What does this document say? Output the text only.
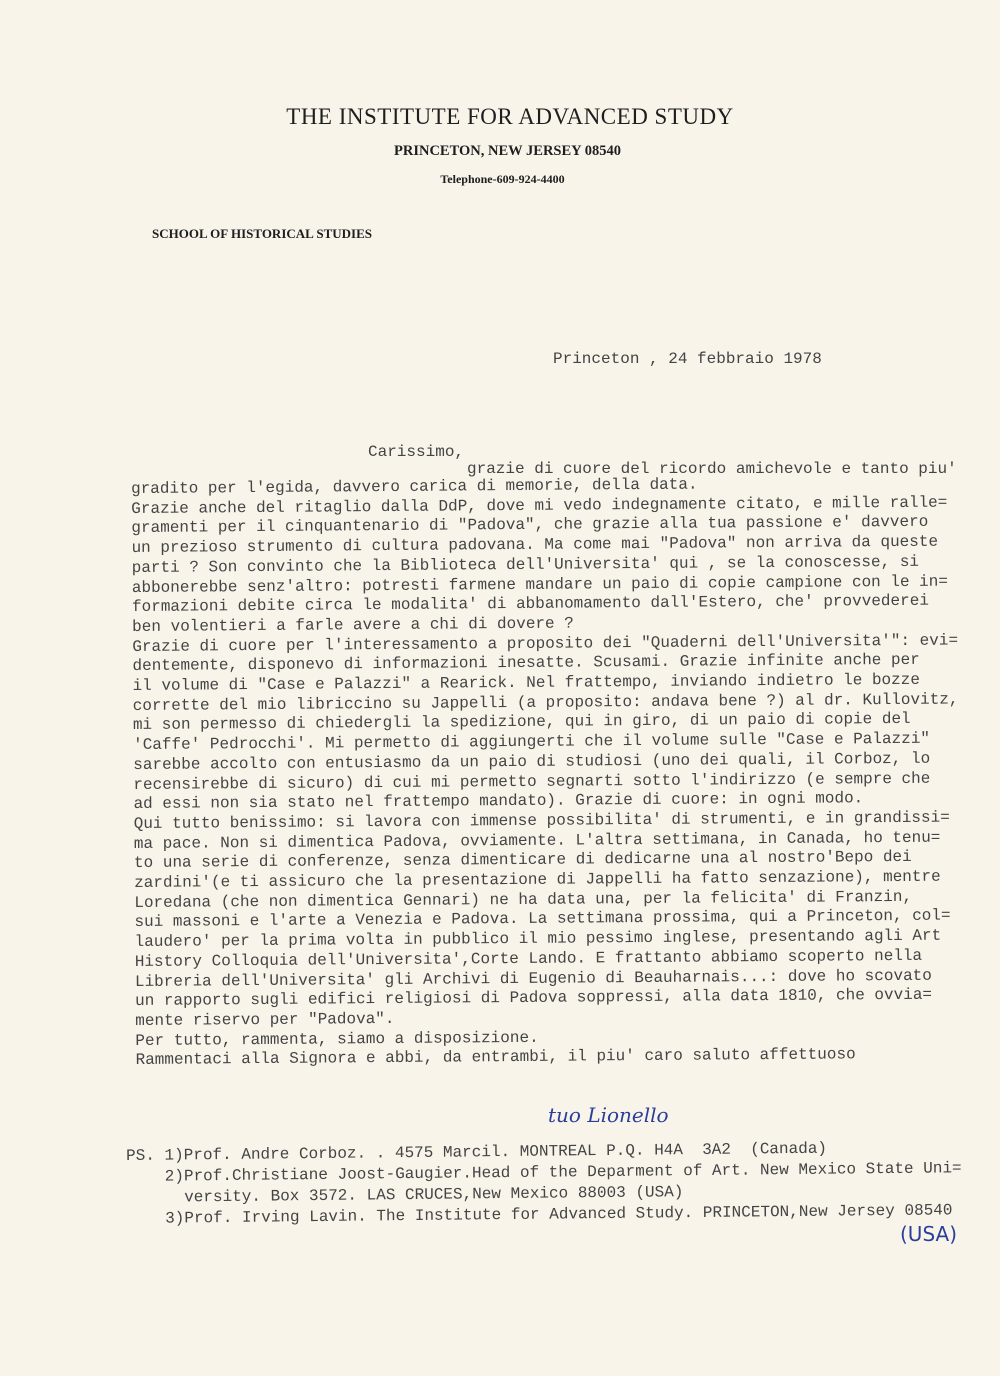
THE INSTITUTE FOR ADVANCED STUDY
PRINCETON, NEW JERSEY 08540
Telephone-609-924-4400
SCHOOL OF HISTORICAL STUDIES
Princeton , 24 febbraio 1978
Carissimo,
grazie di cuore del ricordo amichevole e tanto piu'
gradito per l'egida, davvero carica di memorie, della data.
Grazie anche del ritaglio dalla DdP, dove mi vedo indegnamente citato, e mille ralle=
gramenti per il cinquantenario di "Padova", che grazie alla tua passione e' davvero
un prezioso strumento di cultura padovana. Ma come mai "Padova" non arriva da queste
parti ? Son convinto che la Biblioteca dell'Universita' qui , se la conoscesse, si
abbonerebbe senz'altro: potresti farmene mandare un paio di copie campione con le in=
formazioni debite circa le modalita' di abbanomamento dall'Estero, che' provvederei
ben volentieri a farle avere a chi di dovere ?
Grazie di cuore per l'interessamento a proposito dei "Quaderni dell'Universita'": evi=
dentemente, disponevo di informazioni inesatte. Scusami. Grazie infinite anche per
il volume di "Case e Palazzi" a Rearick. Nel frattempo, inviando indietro le bozze
corrette del mio libriccino su Jappelli (a proposito: andava bene ?) al dr. Kullovitz,
mi son permesso di chiedergli la spedizione, qui in giro, di un paio di copie del
'Caffe' Pedrocchi'. Mi permetto di aggiungerti che il volume sulle "Case e Palazzi"
sarebbe accolto con entusiasmo da un paio di studiosi (uno dei quali, il Corboz, lo
recensirebbe di sicuro) di cui mi permetto segnarti sotto l'indirizzo (e sempre che
ad essi non sia stato nel frattempo mandato). Grazie di cuore: in ogni modo.
Qui tutto benissimo: si lavora con immense possibilita' di strumenti, e in grandissi=
ma pace. Non si dimentica Padova, ovviamente. L'altra settimana, in Canada, ho tenu=
to una serie di conferenze, senza dimenticare di dedicarne una al nostro'Bepo dei
zardini'(e ti assicuro che la presentazione di Jappelli ha fatto senzazione), mentre
Loredana (che non dimentica Gennari) ne ha data una, per la felicita' di Franzin,
sui massoni e l'arte a Venezia e Padova. La settimana prossima, qui a Princeton, col=
laudero' per la prima volta in pubblico il mio pessimo inglese, presentando agli Art
History Colloquia dell'Universita',Corte Lando. E frattanto abbiamo scoperto nella
Libreria dell'Universita' gli Archivi di Eugenio di Beauharnais...: dove ho scovato
un rapporto sugli edifici religiosi di Padova soppressi, alla data 1810, che ovvia=
mente riservo per "Padova".
Per tutto, rammenta, siamo a disposizione.
Rammentaci alla Signora e abbi, da entrambi, il piu' caro saluto affettuoso
tuo Lionello
PS. 1)Prof. Andre Corboz. . 4575 Marcil. MONTREAL P.Q. H4A  3A2  (Canada)
2)Prof.Christiane Joost-Gaugier.Head of the Deparment of Art. New Mexico State Uni=
versity. Box 3572. LAS CRUCES,New Mexico 88003 (USA)
3)Prof. Irving Lavin. The Institute for Advanced Study. PRINCETON,New Jersey 08540
(USA)
